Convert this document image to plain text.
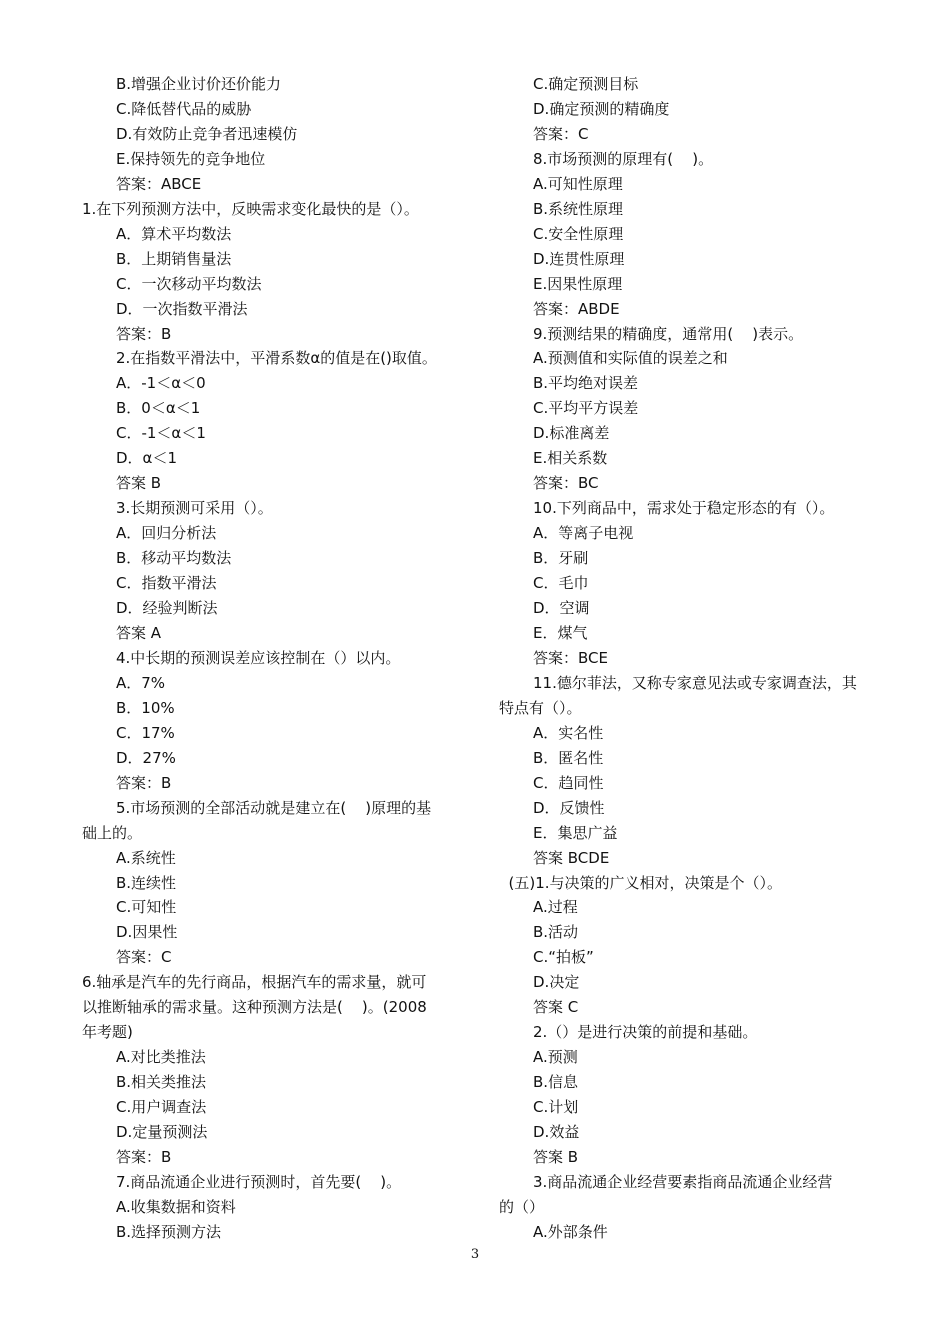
B.增强企业讨价还价能力
C.降低替代品的威胁
D.有效防止竞争者迅速模仿
E.保持领先的竞争地位
答案：ABCE
1.在下列预测方法中，反映需求变化最快的是（）。
A．算术平均数法
B．上期销售量法
C．一次移动平均数法
D．一次指数平滑法
答案：B
2.在指数平滑法中，平滑系数α的值是在()取值。
A．-1＜α＜0
B．0＜α＜1
C．-1＜α＜1
D．α＜1
答案 B
3.长期预测可采用（）。
A．回归分析法
B．移动平均数法
C．指数平滑法
D．经验判断法
答案 A
4.中长期的预测误差应该控制在（）以内。
A．7%
B．10%
C．17%
D．27%
答案：B
5.市场预测的全部活动就是建立在(    )原理的基
础上的。
A.系统性
B.连续性
C.可知性
D.因果性
答案：C
6.轴承是汽车的先行商品，根据汽车的需求量，就可
以推断轴承的需求量。这种预测方法是(    )。(2008
年考题)
A.对比类推法
B.相关类推法
C.用户调查法
D.定量预测法
答案：B
7.商品流通企业进行预测时，首先要(    )。
A.收集数据和资料
B.选择预测方法
C.确定预测目标
D.确定预测的精确度
答案：C
8.市场预测的原理有(    )。
A.可知性原理
B.系统性原理
C.安全性原理
D.连贯性原理
E.因果性原理
答案：ABDE
9.预测结果的精确度，通常用(    )表示。
A.预测值和实际值的误差之和
B.平均绝对误差
C.平均平方误差
D.标准离差
E.相关系数
答案：BC
10.下列商品中，需求处于稳定形态的有（）。
A．等离子电视
B．牙刷
C．毛巾
D．空调
E．煤气
答案：BCE
11.德尔菲法，又称专家意见法或专家调查法，其
特点有（）。
A．实名性
B．匿名性
C．趋同性
D．反馈性
E．集思广益
答案 BCDE
(五)1.与决策的广义相对，决策是个（）。
A.过程
B.活动
C.“拍板”
D.决定
答案 C
2.（）是进行决策的前提和基础。
A.预测
B.信息
C.计划
D.效益
答案 B
3.商品流通企业经营要素指商品流通企业经营
的（）
A.外部条件
3
